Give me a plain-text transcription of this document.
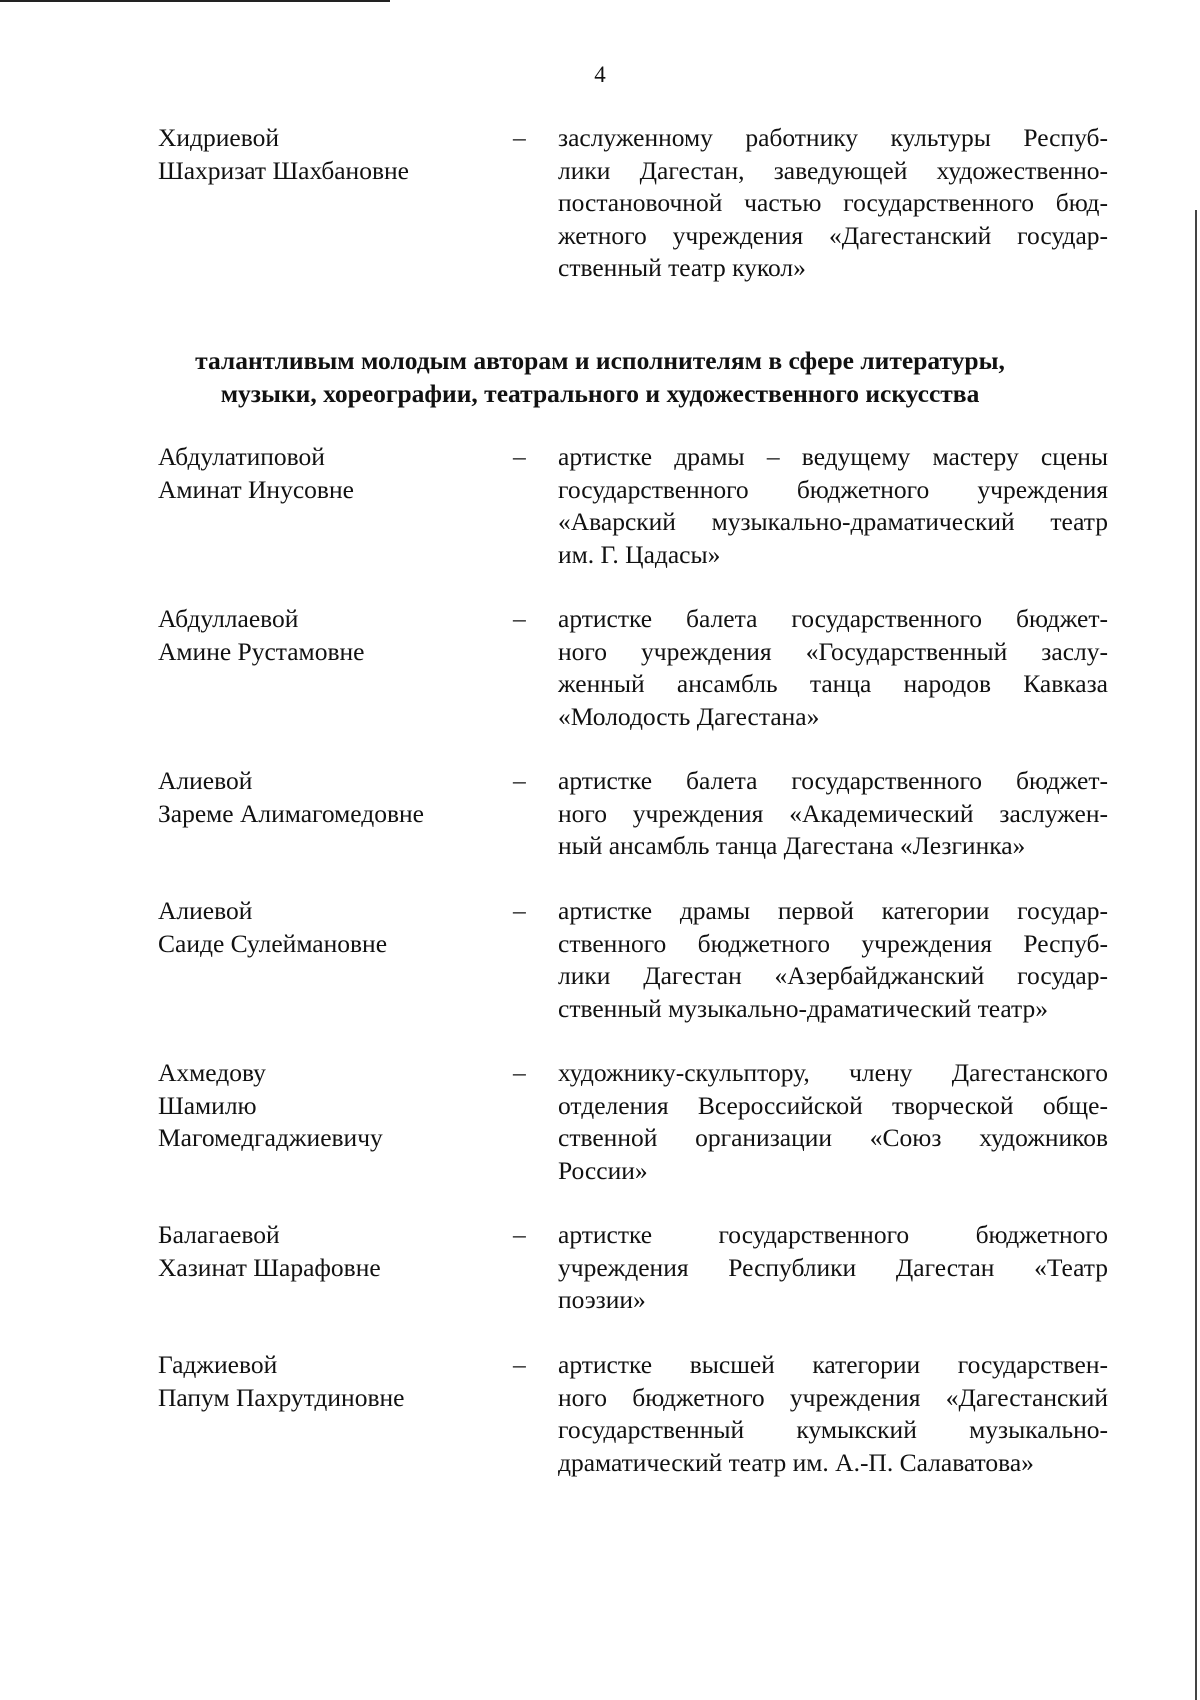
4
Хидриевой
Шахризат Шахбановне
– заслуженному работнику культуры Респуб-
лики Дагестан, заведующей художественно-
постановочной частью государственного бюд-
жетного учреждения «Дагестанский государ-
ственный театр кукол»
талантливым молодым авторам и исполнителям в сфере литературы,
музыки, хореографии, театрального и художественного искусства
Абдулатиповой
Аминат Инусовне
– артистке драмы – ведущему мастеру сцены
государственного бюджетного учреждения
«Аварский музыкально-драматический театр
им. Г. Цадасы»
Абдуллаевой
Амине Рустамовне
– артистке балета государственного бюджет-
ного учреждения «Государственный заслу-
женный ансамбль танца народов Кавказа
«Молодость Дагестана»
Алиевой
Зареме Алимагомедовне
– артистке балета государственного бюджет-
ного учреждения «Академический заслужен-
ный ансамбль танца Дагестана «Лезгинка»
Алиевой
Саиде Сулеймановне
– артистке драмы первой категории государ-
ственного бюджетного учреждения Респуб-
лики Дагестан «Азербайджанский государ-
ственный музыкально-драматический театр»
Ахмедову
Шамилю
Магомедгаджиевичу
– художнику-скульптору, члену Дагестанского
отделения Всероссийской творческой обще-
ственной организации «Союз художников
России»
Балагаевой
Хазинат Шарафовне
– артистке государственного бюджетного
учреждения Республики Дагестан «Театр
поэзии»
Гаджиевой
Папум Пахрутдиновне
– артистке высшей категории государствен-
ного бюджетного учреждения «Дагестанский
государственный кумыкский музыкально-
драматический театр им. А.-П. Салаватова»
